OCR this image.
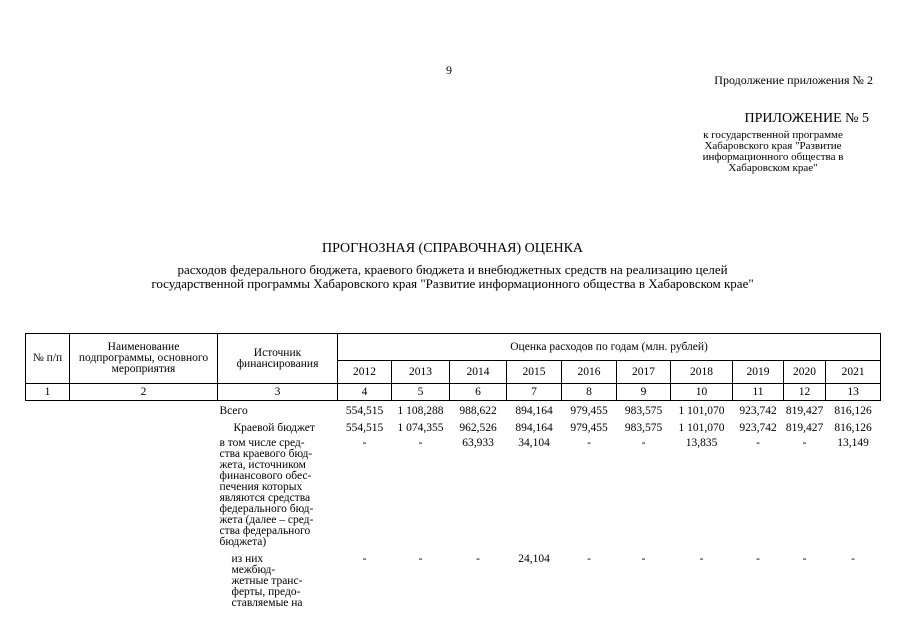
9
Продолжение приложения № 2
ПРИЛОЖЕНИЕ № 5
к государственной программе Хабаровского края "Развитие информационного общества в Хабаровском крае"
ПРОГНОЗНАЯ (СПРАВОЧНАЯ) ОЦЕНКА
расходов федерального бюджета, краевого бюджета и внебюджетных средств на реализацию целей
государственной программы Хабаровского края "Развитие информационного общества в Хабаровском крае"
№ п/п	Наименование подпрограммы, основного мероприятия	Источник финансирования	Оценка расходов по годам (млн. рублей)									
			2012	2013	2014	2015	2016	2017	2018	2019	2020	2021
1	2	3	4	5	6	7	8	9	10	11	12	13
		Всего	554,515	1 108,288	988,622	894,164	979,455	983,575	1 101,070	923,742	819,427	816,126
		Краевой бюджет	554,515	1 074,355	962,526	894,164	979,455	983,575	1 101,070	923,742	819,427	816,126
		в том числе сред-ства краевого бюд-жета, источником финансового обес-печения которых являются средства федерального бюд-жета (далее – сред-ства федерального бюджета)	-	-	63,933	34,104	-	-	13,835	-	-	13,149
		из них межбюд-жетные транс-ферты, предо-ставляемые на	-	-	-	24,104	-	-	-	-	-	-
